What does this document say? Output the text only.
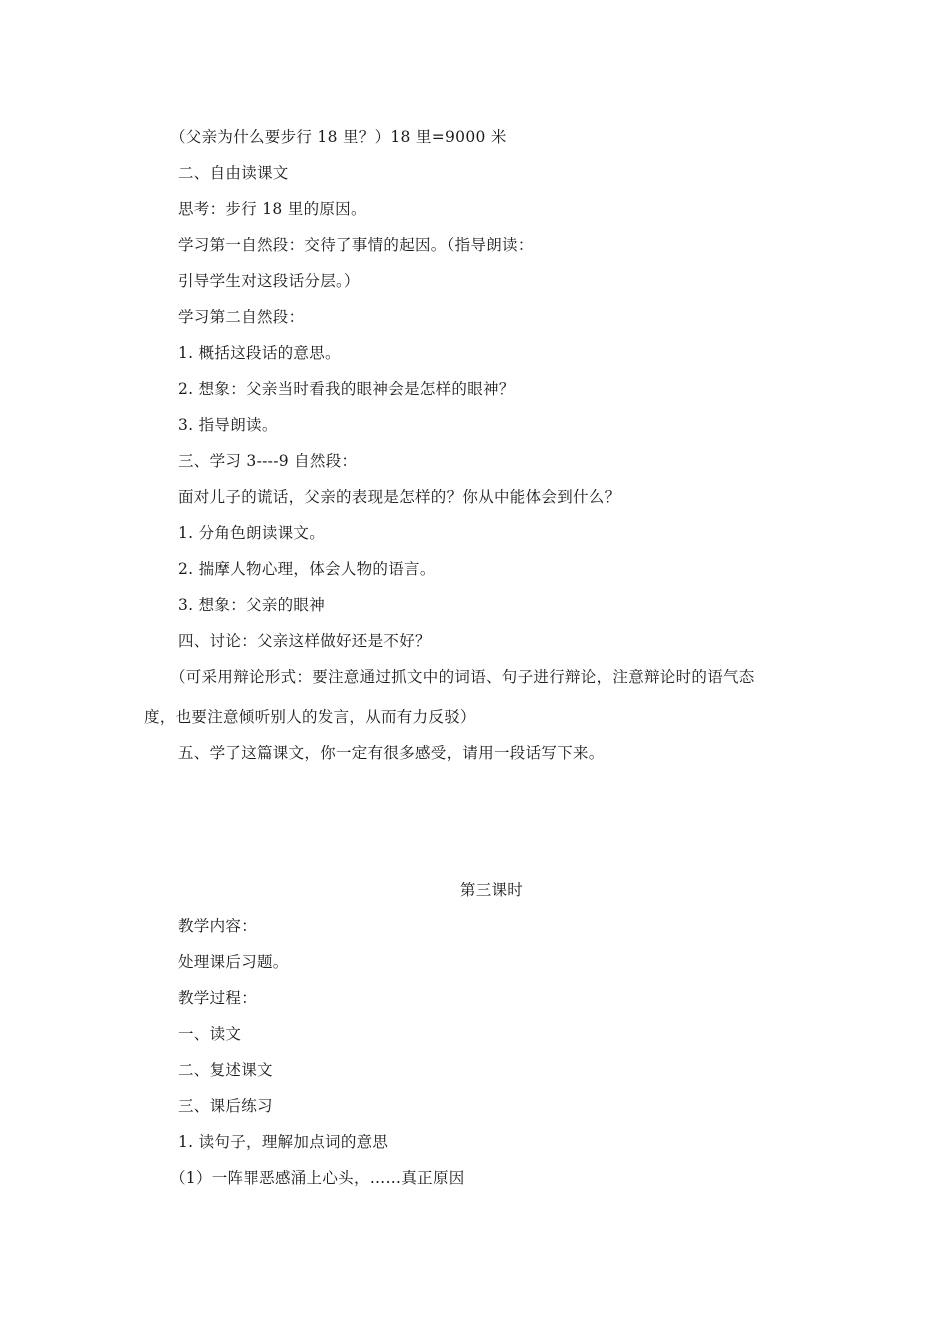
（父亲为什么要步行 18 里？）18 里=9000 米
二、自由读课文
思考：步行 18 里的原因。
学习第一自然段：交待了事情的起因。（指导朗读：
引导学生对这段话分层。）
学习第二自然段：
1. 概括这段话的意思。
2. 想象：父亲当时看我的眼神会是怎样的眼神？
3. 指导朗读。
三、学习 3----9 自然段：
面对儿子的谎话，父亲的表现是怎样的？你从中能体会到什么？
1. 分角色朗读课文。
2. 揣摩人物心理，体会人物的语言。
3. 想象：父亲的眼神
四、讨论：父亲这样做好还是不好？
（可采用辩论形式：要注意通过抓文中的词语、句子进行辩论，注意辩论时的语气态
度，也要注意倾听别人的发言，从而有力反驳）
五、学了这篇课文，你一定有很多感受，请用一段话写下来。
第三课时
教学内容：
处理课后习题。
教学过程：
一、读文
二、复述课文
三、课后练习
1. 读句子，理解加点词的意思
（1）一阵罪恶感涌上心头，……真正原因
